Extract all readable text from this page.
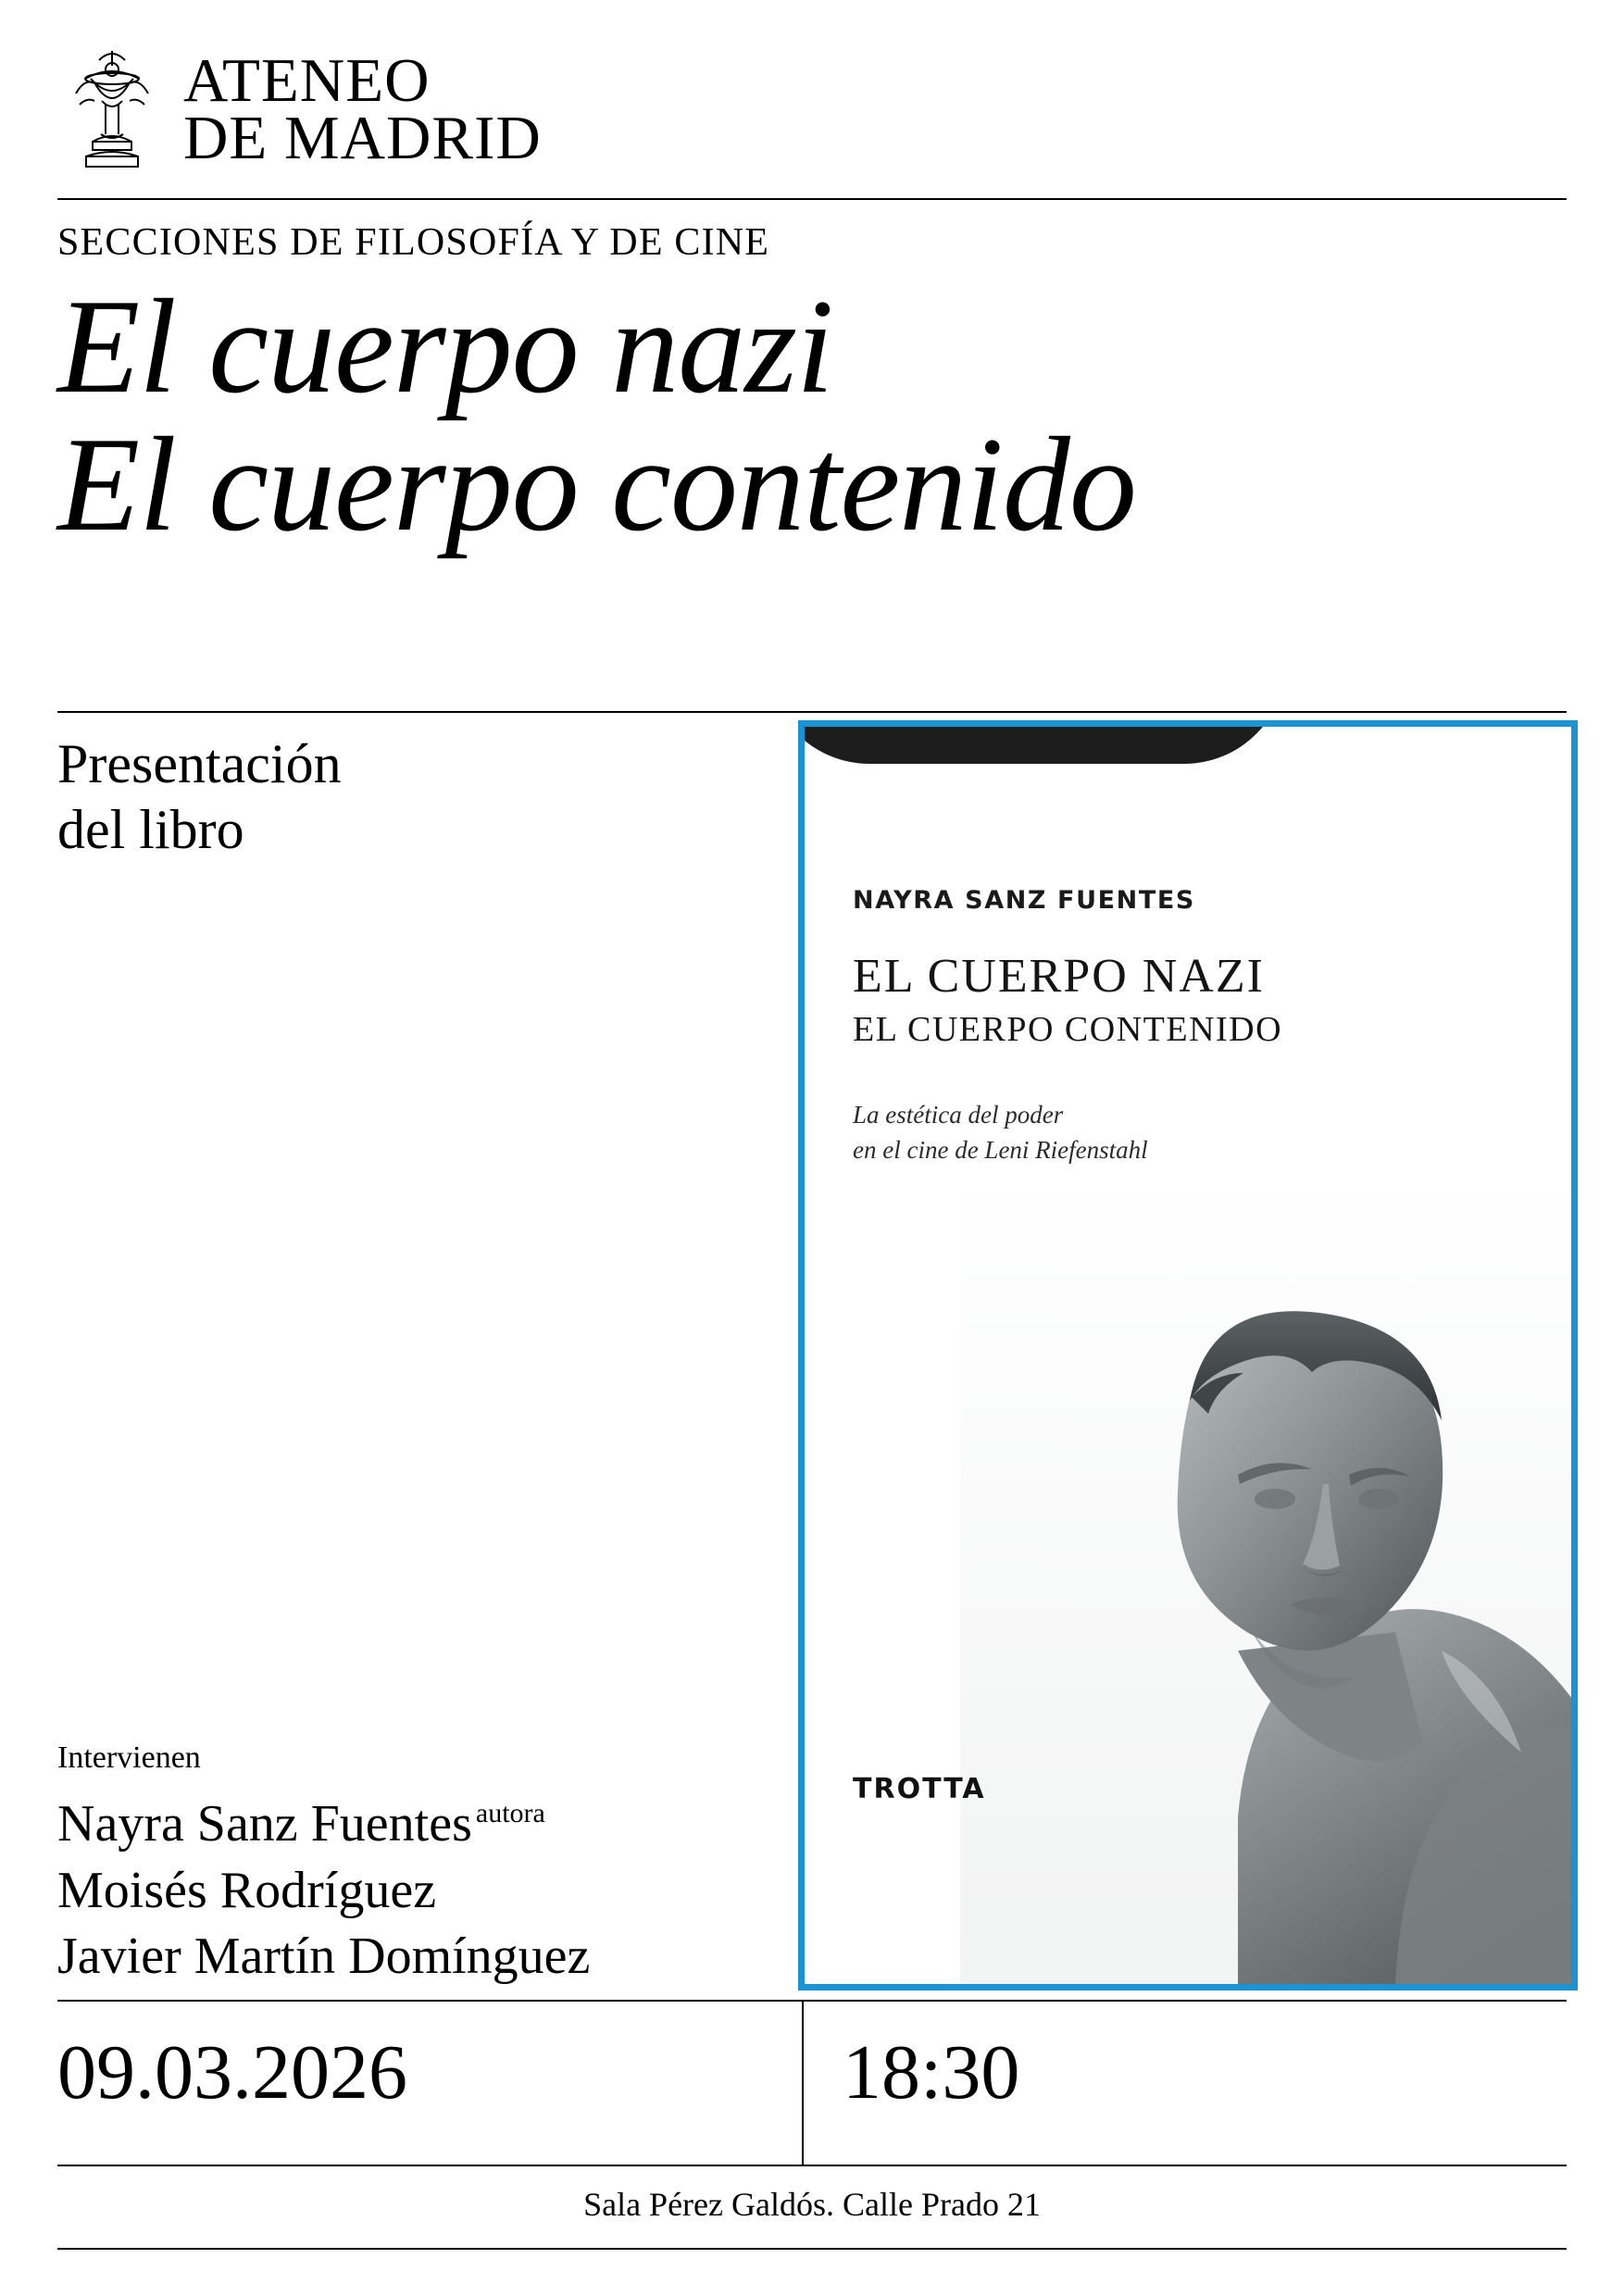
ATENEO
DE MADRID
SECCIONES DE FILOSOFÍA Y DE CINE
El cuerpo nazi
El cuerpo contenido
Presentación
del libro
Intervienen
Nayra Sanz Fuentes $^{autora}$
Moisés Rodríguez
Javier Martín Domínguez
NAYRA SANZ FUENTES
EL CUERPO NAZI
EL CUERPO CONTENIDO
La estética del poder
en el cine de Leni Riefenstahl
TROTTA
09.03.2026	18:30
Sala Pérez Galdós. Calle Prado 21
